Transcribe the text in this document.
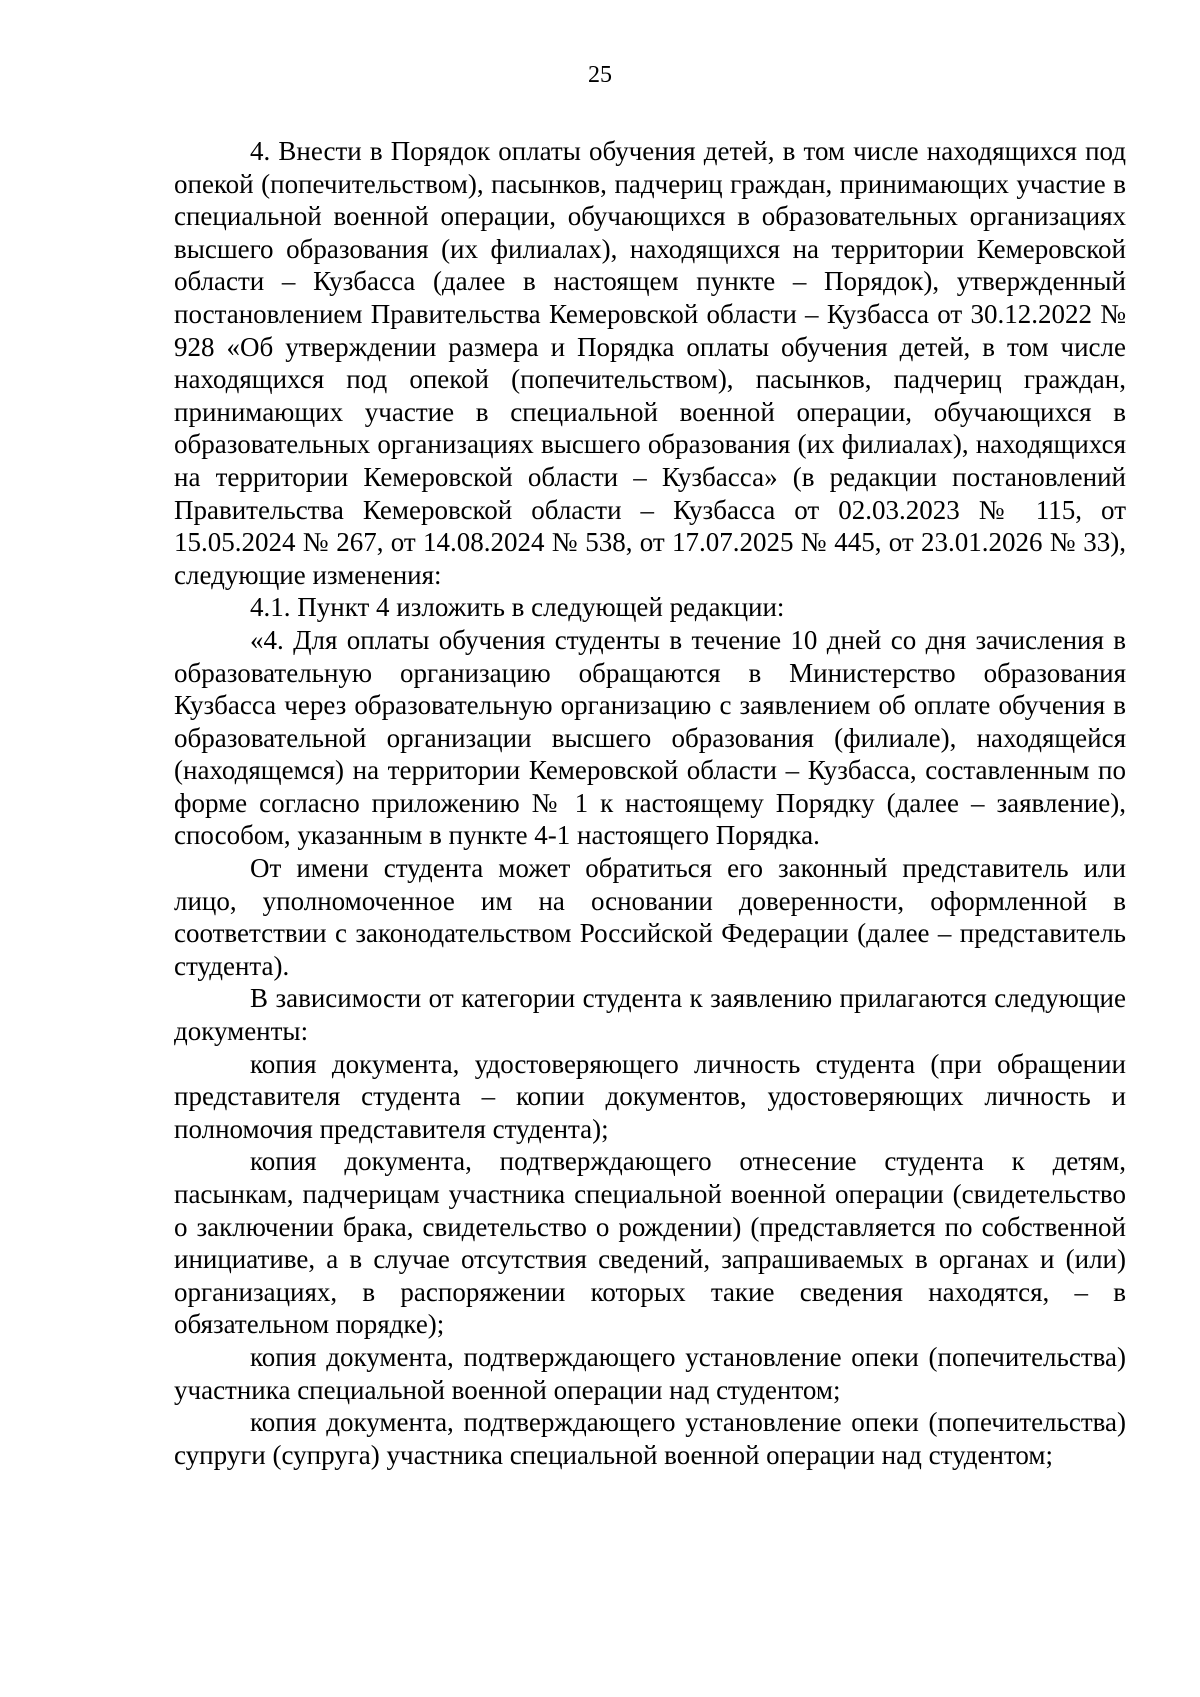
25

4. Внести в Порядок оплаты обучения детей, в том числе находящихся под опекой (попечительством), пасынков, падчериц граждан, принимающих участие в специальной военной операции, обучающихся в образовательных организациях высшего образования (их филиалах), находящихся на территории Кемеровской области – Кузбасса (далее в настоящем пункте – Порядок), утвержденный постановлением Правительства Кемеровской области – Кузбасса от 30.12.2022 № 928 «Об утверждении размера и Порядка оплаты обучения детей, в том числе находящихся под опекой (попечительством), пасынков, падчериц граждан, принимающих участие в специальной военной операции, обучающихся в образовательных организациях высшего образования (их филиалах), находящихся на территории Кемеровской области – Кузбасса» (в редакции постановлений Правительства Кемеровской области – Кузбасса от 02.03.2023 № 115, от 15.05.2024 № 267, от 14.08.2024 № 538, от 17.07.2025 № 445, от 23.01.2026 № 33), следующие изменения:

4.1. Пункт 4 изложить в следующей редакции:

«4. Для оплаты обучения студенты в течение 10 дней со дня зачисления в образовательную организацию обращаются в Министерство образования Кузбасса через образовательную организацию с заявлением об оплате обучения в образовательной организации высшего образования (филиале), находящейся (находящемся) на территории Кемеровской области – Кузбасса, составленным по форме согласно приложению № 1 к настоящему Порядку (далее – заявление), способом, указанным в пункте 4-1 настоящего Порядка.

От имени студента может обратиться его законный представитель или лицо, уполномоченное им на основании доверенности, оформленной в соответствии с законодательством Российской Федерации (далее – представитель студента).

В зависимости от категории студента к заявлению прилагаются следующие документы:

копия документа, удостоверяющего личность студента (при обращении представителя студента – копии документов, удостоверяющих личность и полномочия представителя студента);

копия документа, подтверждающего отнесение студента к детям, пасынкам, падчерицам участника специальной военной операции (свидетельство о заключении брака, свидетельство о рождении) (представляется по собственной инициативе, а в случае отсутствия сведений, запрашиваемых в органах и (или) организациях, в распоряжении которых такие сведения находятся, – в обязательном порядке);

копия документа, подтверждающего установление опеки (попечительства) участника специальной военной операции над студентом;

копия документа, подтверждающего установление опеки (попечительства) супруги (супруга) участника специальной военной операции над студентом;
